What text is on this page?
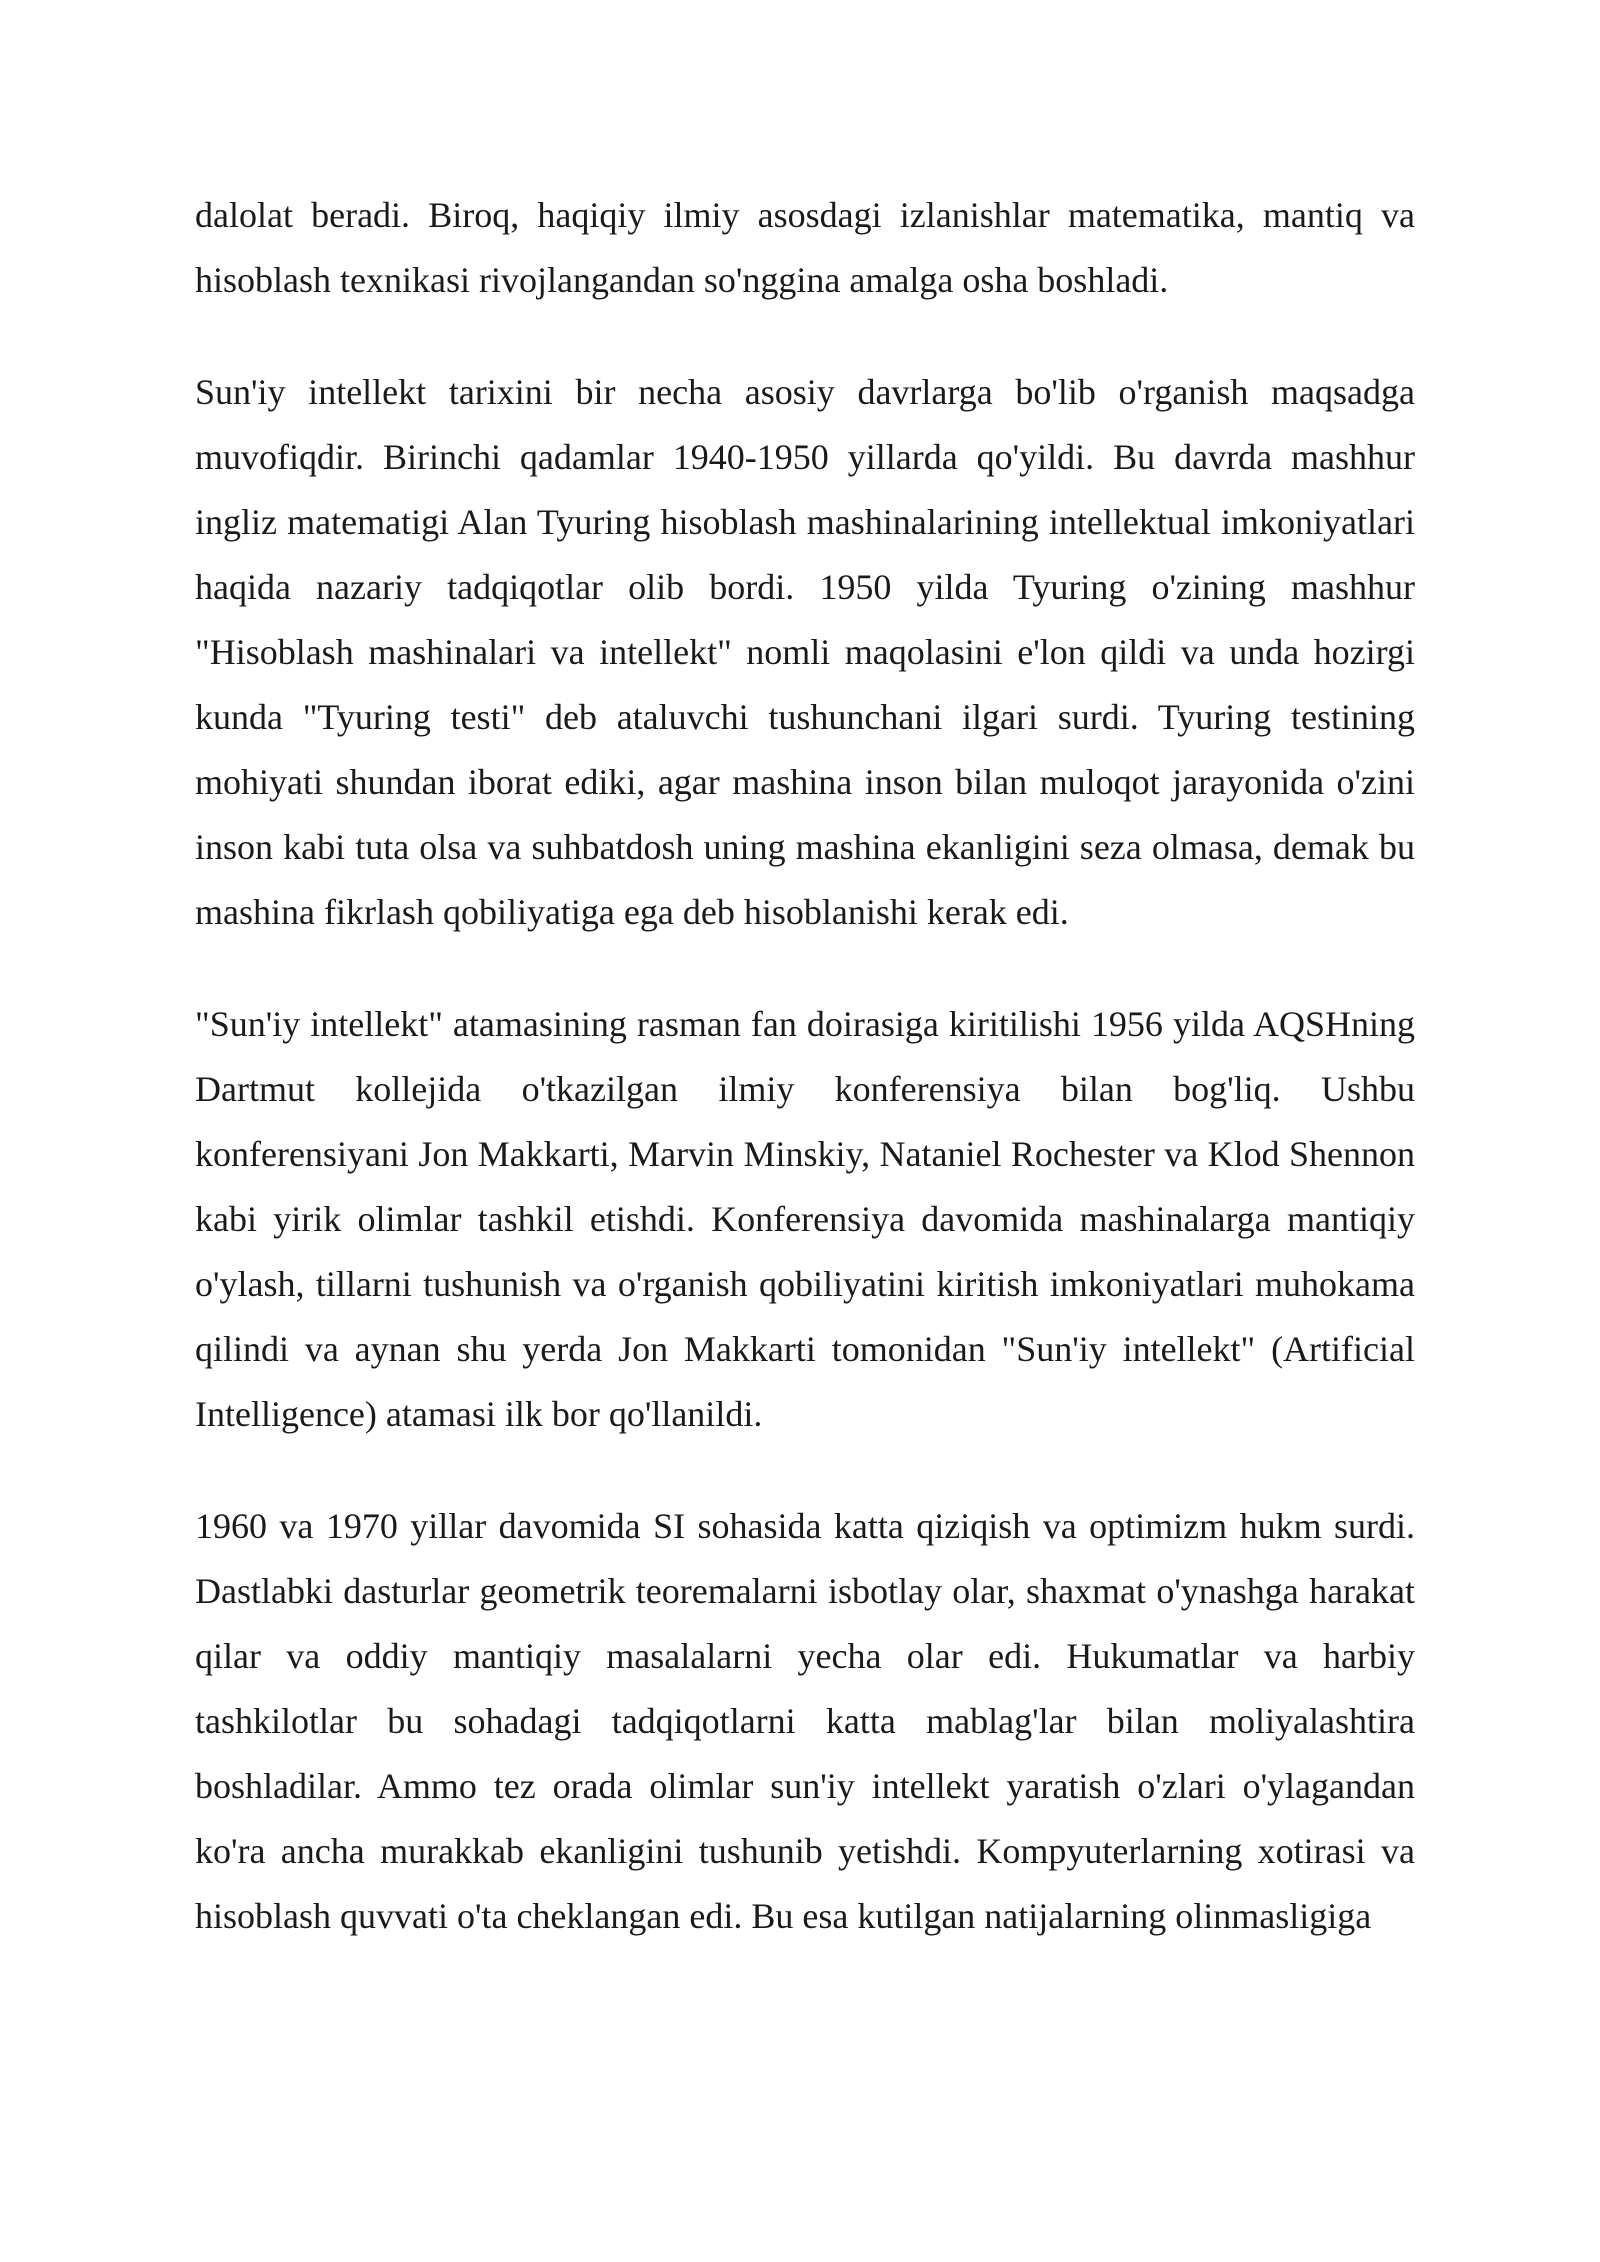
dalolat beradi. Biroq, haqiqiy ilmiy asosdagi izlanishlar matematika, mantiq va hisoblash texnikasi rivojlangandan so'nggina amalga osha boshladi.

Sun'iy intellekt tarixini bir necha asosiy davrlarga bo'lib o'rganish maqsadga muvofiqdir. Birinchi qadamlar 1940-1950 yillarda qo'yildi. Bu davrda mashhur ingliz matematigi Alan Tyuring hisoblash mashinalarining intellektual imkoniyatlari haqida nazariy tadqiqotlar olib bordi. 1950 yilda Tyuring o'zining mashhur "Hisoblash mashinalari va intellekt" nomli maqolasini e'lon qildi va unda hozirgi kunda "Tyuring testi" deb ataluvchi tushunchani ilgari surdi. Tyuring testining mohiyati shundan iborat ediki, agar mashina inson bilan muloqot jarayonida o'zini inson kabi tuta olsa va suhbatdosh uning mashina ekanligini seza olmasa, demak bu mashina fikrlash qobiliyatiga ega deb hisoblanishi kerak edi.

"Sun'iy intellekt" atamasining rasman fan doirasiga kiritilishi 1956 yilda AQSHning Dartmut kollejida o'tkazilgan ilmiy konferensiya bilan bog'liq. Ushbu konferensiyani Jon Makkarti, Marvin Minskiy, Nataniel Rochester va Klod Shennon kabi yirik olimlar tashkil etishdi. Konferensiya davomida mashinalarga mantiqiy o'ylash, tillarni tushunish va o'rganish qobiliyatini kiritish imkoniyatlari muhokama qilindi va aynan shu yerda Jon Makkarti tomonidan "Sun'iy intellekt" (Artificial Intelligence) atamasi ilk bor qo'llanildi.

1960 va 1970 yillar davomida SI sohasida katta qiziqish va optimizm hukm surdi. Dastlabki dasturlar geometrik teoremalarni isbotlay olar, shaxmat o'ynashga harakat qilar va oddiy mantiqiy masalalarni yecha olar edi. Hukumatlar va harbiy tashkilotlar bu sohadagi tadqiqotlarni katta mablag'lar bilan moliyalashtira boshladilar. Ammo tez orada olimlar sun'iy intellekt yaratish o'zlari o'ylagandan ko'ra ancha murakkab ekanligini tushunib yetishdi. Kompyuterlarning xotirasi va hisoblash quvvati o'ta cheklangan edi. Bu esa kutilgan natijalarning olinmasligiga
